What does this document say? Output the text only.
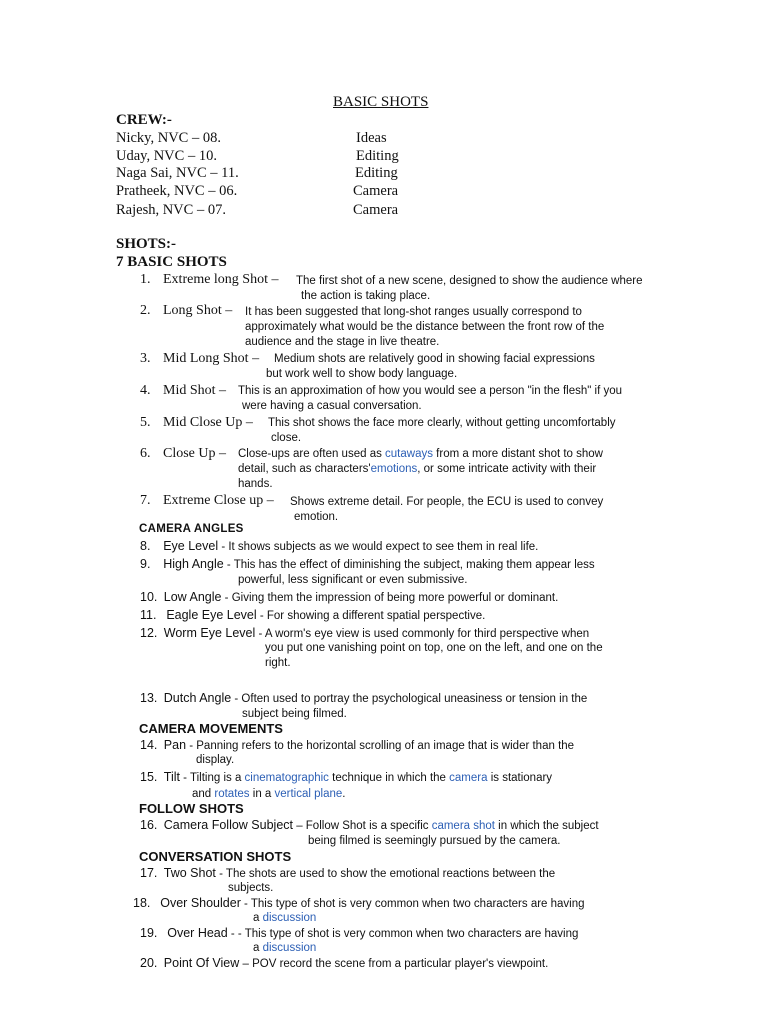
BASIC SHOTS
CREW:-
Nicky, NVC – 08.	Ideas
Uday, NVC – 10.	Editing
Naga Sai, NVC – 11.	Editing
Pratheek, NVC – 06.	Camera
Rajesh, NVC – 07.	Camera
SHOTS:-
7 BASIC SHOTS
1. Extreme long Shot – The first shot of a new scene, designed to show the audience where
the action is taking place.
2. Long Shot – It has been suggested that long-shot ranges usually correspond to
approximately what would be the distance between the front row of the
audience and the stage in live theatre.
3. Mid Long Shot – Medium shots are relatively good in showing facial expressions
but work well to show body language.
4. Mid Shot – This is an approximation of how you would see a person "in the flesh" if you
were having a casual conversation.
5. Mid Close Up – This shot shows the face more clearly, without getting uncomfortably
close.
6. Close Up – Close-ups are often used as cutaways from a more distant shot to show
detail, such as characters'emotions, or some intricate activity with their
hands.
7. Extreme Close up – Shows extreme detail. For people, the ECU is used to convey
emotion.
CAMERA ANGLES
8. Eye Level - It shows subjects as we would expect to see them in real life.
9. High Angle - This has the effect of diminishing the subject, making them appear less
powerful, less significant or even submissive.
10. Low Angle - Giving them the impression of being more powerful or dominant.
11.   Eagle Eye Level - For showing a different spatial perspective.
12. Worm Eye Level - A worm's eye view is used commonly for third perspective when
you put one vanishing point on top, one on the left, and one on the
right.
13. Dutch Angle - Often used to portray the psychological uneasiness or tension in the
subject being filmed.
CAMERA MOVEMENTS
14. Pan - Panning refers to the horizontal scrolling of an image that is wider than the
display.
15. Tilt - Tilting is a cinematographic technique in which the camera is stationary
and rotates in a vertical plane.
FOLLOW SHOTS
16. Camera Follow Subject – Follow Shot is a specific camera shot in which the subject
being filmed is seemingly pursued by the camera.
CONVERSATION SHOTS
17. Two Shot - The shots are used to show the emotional reactions between the
subjects.
18.   Over Shoulder - This type of shot is very common when two characters are having
a discussion
19.   Over Head - - This type of shot is very common when two characters are having
a discussion
20. Point Of View – POV record the scene from a particular player's viewpoint.
